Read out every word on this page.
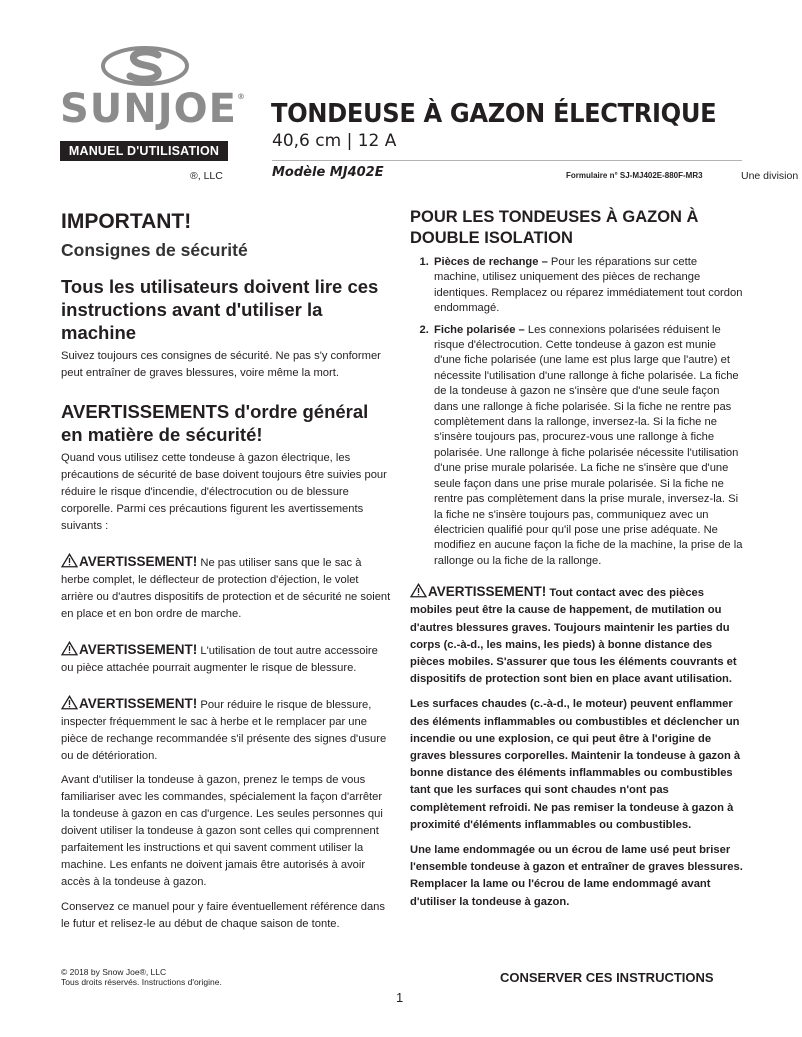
SUNJOE®
MANUEL D'UTILISATION
®, LLC
TONDEUSE À GAZON ÉLECTRIQUE
40,6 cm | 12 A
Modèle MJ402E	Formulaire n° SJ-MJ402E-880F-MR3	Une division
IMPORTANT!
Consignes de sécurité
Tous les utilisateurs doivent lire ces instructions avant d'utiliser la machine

Suivez toujours ces consignes de sécurité. Ne pas s'y conformer peut entraîner de graves blessures, voire même la mort.

AVERTISSEMENTS d'ordre général en matière de sécurité!

Quand vous utilisez cette tondeuse à gazon électrique, les précautions de sécurité de base doivent toujours être suivies pour réduire le risque d'incendie, d'électrocution ou de blessure corporelle. Parmi ces précautions figurent les avertissements suivants :

AVERTISSEMENT! Ne pas utiliser sans que le sac à herbe complet, le déflecteur de protection d'éjection, le volet arrière ou d'autres dispositifs de protection et de sécurité ne soient en place et en bon ordre de marche.
AVERTISSEMENT! L'utilisation de tout autre accessoire ou pièce attachée pourrait augmenter le risque de blessure.
AVERTISSEMENT! Pour réduire le risque de blessure, inspecter fréquemment le sac à herbe et le remplacer par une pièce de rechange recommandée s'il présente des signes d'usure ou de détérioration.

Avant d'utiliser la tondeuse à gazon, prenez le temps de vous familiariser avec les commandes, spécialement la façon d'arrêter la tondeuse à gazon en cas d'urgence. Les seules personnes qui doivent utiliser la tondeuse à gazon sont celles qui comprennent parfaitement les instructions et qui savent comment utiliser la machine. Les enfants ne doivent jamais être autorisés à avoir accès à la tondeuse à gazon.

Conservez ce manuel pour y faire éventuellement référence dans le futur et relisez-le au début de chaque saison de tonte.

POUR LES TONDEUSES À GAZON À DOUBLE ISOLATION
1. Pièces de rechange – Pour les réparations sur cette machine, utilisez uniquement des pièces de rechange identiques. Remplacez ou réparez immédiatement tout cordon endommagé.
2. Fiche polarisée – Les connexions polarisées réduisent le risque d'électrocution. Cette tondeuse à gazon est munie d'une fiche polarisée (une lame est plus large que l'autre) et nécessite l'utilisation d'une rallonge à fiche polarisée. La fiche de la tondeuse à gazon ne s'insère que d'une seule façon dans une rallonge à fiche polarisée. Si la fiche ne rentre pas complètement dans la rallonge, inversez-la. Si la fiche ne s'insère toujours pas, procurez-vous une rallonge à fiche polarisée. Une rallonge à fiche polarisée nécessite l'utilisation d'une prise murale polarisée. La fiche ne s'insère que d'une seule façon dans une prise murale polarisée. Si la fiche ne rentre pas complètement dans la prise murale, inversez-la. Si la fiche ne s'insère toujours pas, communiquez avec un électricien qualifié pour qu'il pose une prise adéquate. Ne modifiez en aucune façon la fiche de la machine, la prise de la rallonge ou la fiche de la rallonge.
AVERTISSEMENT! Tout contact avec des pièces mobiles peut être la cause de happement, de mutilation ou d'autres blessures graves. Toujours maintenir les parties du corps (c.-à-d., les mains, les pieds) à bonne distance des pièces mobiles. S'assurer que tous les éléments couvrants et dispositifs de protection sont bien en place avant utilisation.

Les surfaces chaudes (c.-à-d., le moteur) peuvent enflammer des éléments inflammables ou combustibles et déclencher un incendie ou une explosion, ce qui peut être à l'origine de graves blessures corporelles. Maintenir la tondeuse à gazon à bonne distance des éléments inflammables ou combustibles tant que les surfaces qui sont chaudes n'ont pas complètement refroidi. Ne pas remiser la tondeuse à gazon à proximité d'éléments inflammables ou combustibles.

Une lame endommagée ou un écrou de lame usé peut briser l'ensemble tondeuse à gazon et entraîner de graves blessures. Remplacer la lame ou l'écrou de lame endommagé avant d'utiliser la tondeuse à gazon.

© 2018 by Snow Joe®, LLC
Tous droits réservés. Instructions d'origine.	CONSERVER CES INSTRUCTIONS
1
